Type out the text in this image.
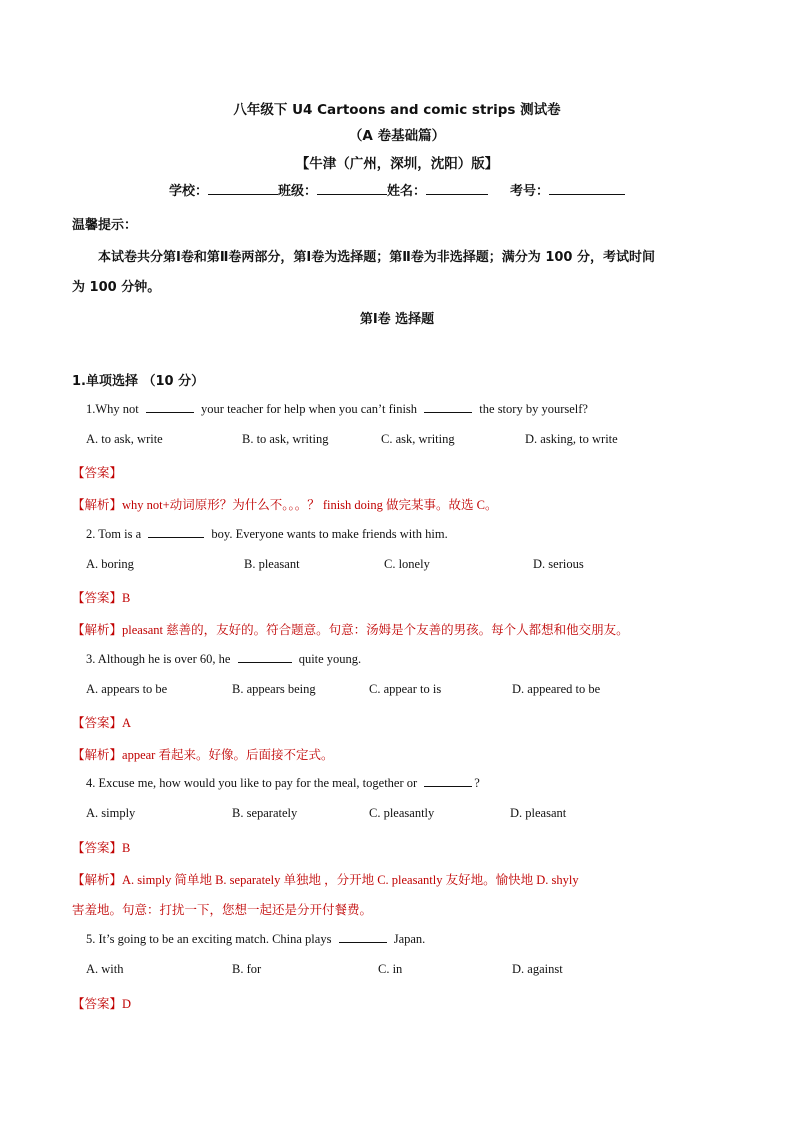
八年级下 U4 Cartoons and comic strips 测试卷
（A 卷基础篇）
【牛津（广州，深圳，沈阳）版】
学校：	班级：	姓名：	考号：
温馨提示：
本试卷共分第Ⅰ卷和第Ⅱ卷两部分，第Ⅰ卷为选择题；第Ⅱ卷为非选择题；满分为 100 分，考试时间
为 100 分钟。
第Ⅰ卷 选择题
1.单项选择 （10 分）
1.Why not	your teacher for help when you can’t finish	the story by yourself?
A. to ask, write	B. to ask, writing	C. ask, writing	D. asking, to write
【答案】
【解析】why not+动词原形？为什么不。。。？ finish doing 做完某事。故选 C。
2. Tom is a	boy. Everyone wants to make friends with him.
A. boring	B. pleasant	C. lonely	D. serious
【答案】B
【解析】pleasant 慈善的，友好的。符合题意。句意：汤姆是个友善的男孩。每个人都想和他交朋友。
3. Although he is over 60, he	quite young.
A. appears to be	B. appears being	C. appear to is	D. appeared to be
【答案】A
【解析】appear 看起来。好像。后面接不定式。
4. Excuse me, how would you like to pay for the meal, together or	?
A. simply	B. separately	C. pleasantly	D. pleasant
【答案】B
【解析】A. simply 简单地 B. separately 单独地 ，分开地 C. pleasantly 友好地。愉快地 D. shyly
害羞地。句意：打扰一下，您想一起还是分开付餐费。
5. It’s going to be an exciting match. China plays	Japan.
A. with	B. for	C. in	D. against
【答案】D
